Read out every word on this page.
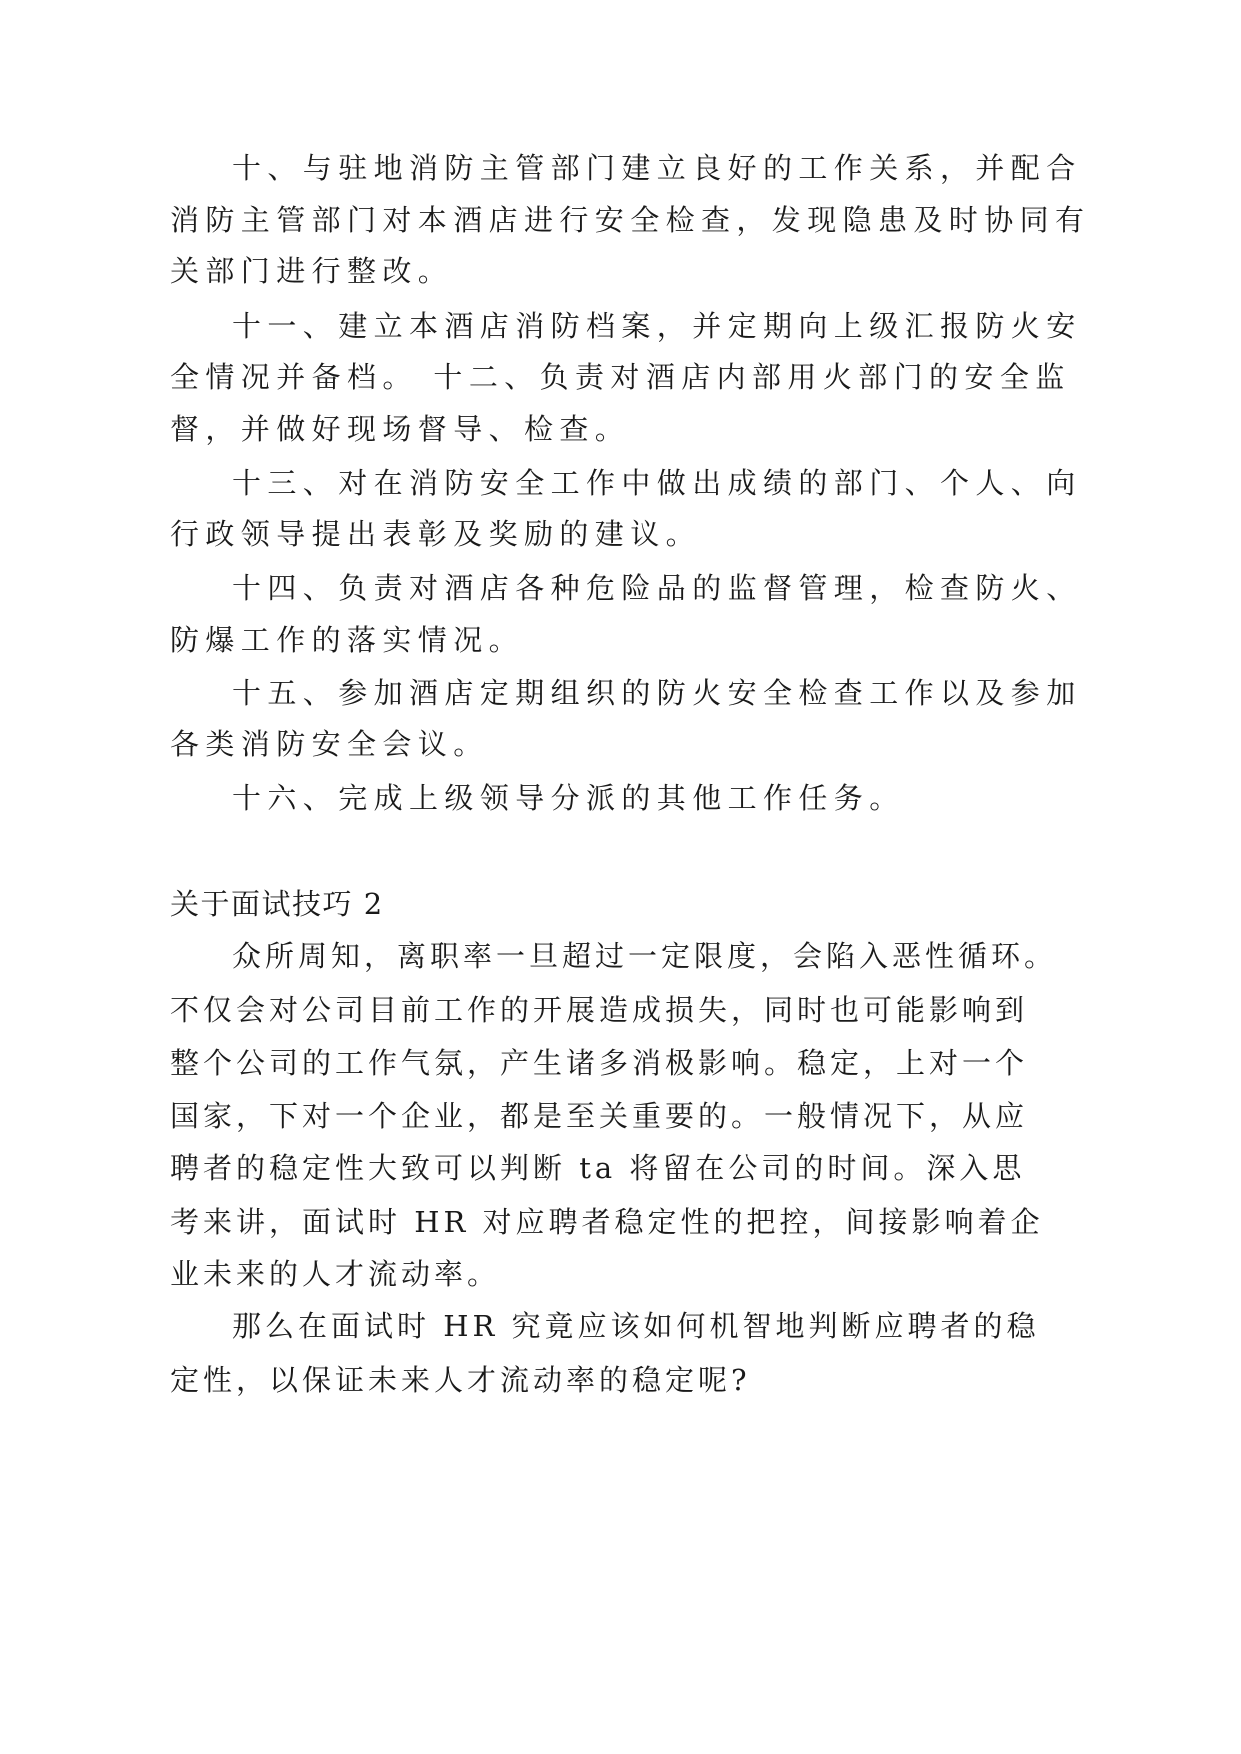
十、与驻地消防主管部门建立良好的工作关系，并配合
消防主管部门对本酒店进行安全检查，发现隐患及时协同有
关部门进行整改。
十一、建立本酒店消防档案，并定期向上级汇报防火安
全情况并备档。 十二、负责对酒店内部用火部门的安全监
督，并做好现场督导、检查。
十三、对在消防安全工作中做出成绩的部门、个人、向
行政领导提出表彰及奖励的建议。
十四、负责对酒店各种危险品的监督管理，检查防火、
防爆工作的落实情况。
十五、参加酒店定期组织的防火安全检查工作以及参加
各类消防安全会议。
十六、完成上级领导分派的其他工作任务。
关于面试技巧 2
众所周知，离职率一旦超过一定限度，会陷入恶性循环。
不仅会对公司目前工作的开展造成损失，同时也可能影响到
整个公司的工作气氛，产生诸多消极影响。稳定，上对一个
国家，下对一个企业，都是至关重要的。一般情况下，从应
聘者的稳定性大致可以判断 ta 将留在公司的时间。深入思
考来讲，面试时 HR 对应聘者稳定性的把控，间接影响着企
业未来的人才流动率。
那么在面试时 HR 究竟应该如何机智地判断应聘者的稳
定性，以保证未来人才流动率的稳定呢?
